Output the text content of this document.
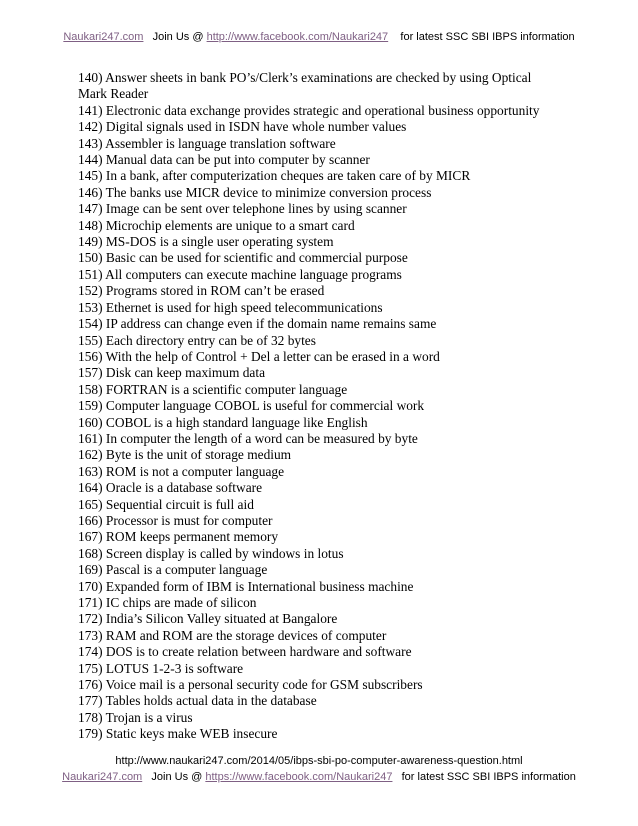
Naukari247.com Join Us @ http://www.facebook.com/Naukari247 for latest SSC SBI IBPS information
140) Answer sheets in bank PO’s/Clerk’s examinations are checked by using Optical
Mark Reader
141) Electronic data exchange provides strategic and operational business opportunity
142) Digital signals used in ISDN have whole number values
143) Assembler is language translation software
144) Manual data can be put into computer by scanner
145) In a bank, after computerization cheques are taken care of by MICR
146) The banks use MICR device to minimize conversion process
147) Image can be sent over telephone lines by using scanner
148) Microchip elements are unique to a smart card
149) MS-DOS is a single user operating system
150) Basic can be used for scientific and commercial purpose
151) All computers can execute machine language programs
152) Programs stored in ROM can’t be erased
153) Ethernet is used for high speed telecommunications
154) IP address can change even if the domain name remains same
155) Each directory entry can be of 32 bytes
156) With the help of Control + Del a letter can be erased in a word
157) Disk can keep maximum data
158) FORTRAN is a scientific computer language
159) Computer language COBOL is useful for commercial work
160) COBOL is a high standard language like English
161) In computer the length of a word can be measured by byte
162) Byte is the unit of storage medium
163) ROM is not a computer language
164) Oracle is a database software
165) Sequential circuit is full aid
166) Processor is must for computer
167) ROM keeps permanent memory
168) Screen display is called by windows in lotus
169) Pascal is a computer language
170) Expanded form of IBM is International business machine
171) IC chips are made of silicon
172) India’s Silicon Valley situated at Bangalore
173) RAM and ROM are the storage devices of computer
174) DOS is to create relation between hardware and software
175) LOTUS 1-2-3 is software
176) Voice mail is a personal security code for GSM subscribers
177) Tables holds actual data in the database
178) Trojan is a virus
179) Static keys make WEB insecure
http://www.naukari247.com/2014/05/ibps-sbi-po-computer-awareness-question.html
Naukari247.com Join Us @ https://www.facebook.com/Naukari247 for latest SSC SBI IBPS information
